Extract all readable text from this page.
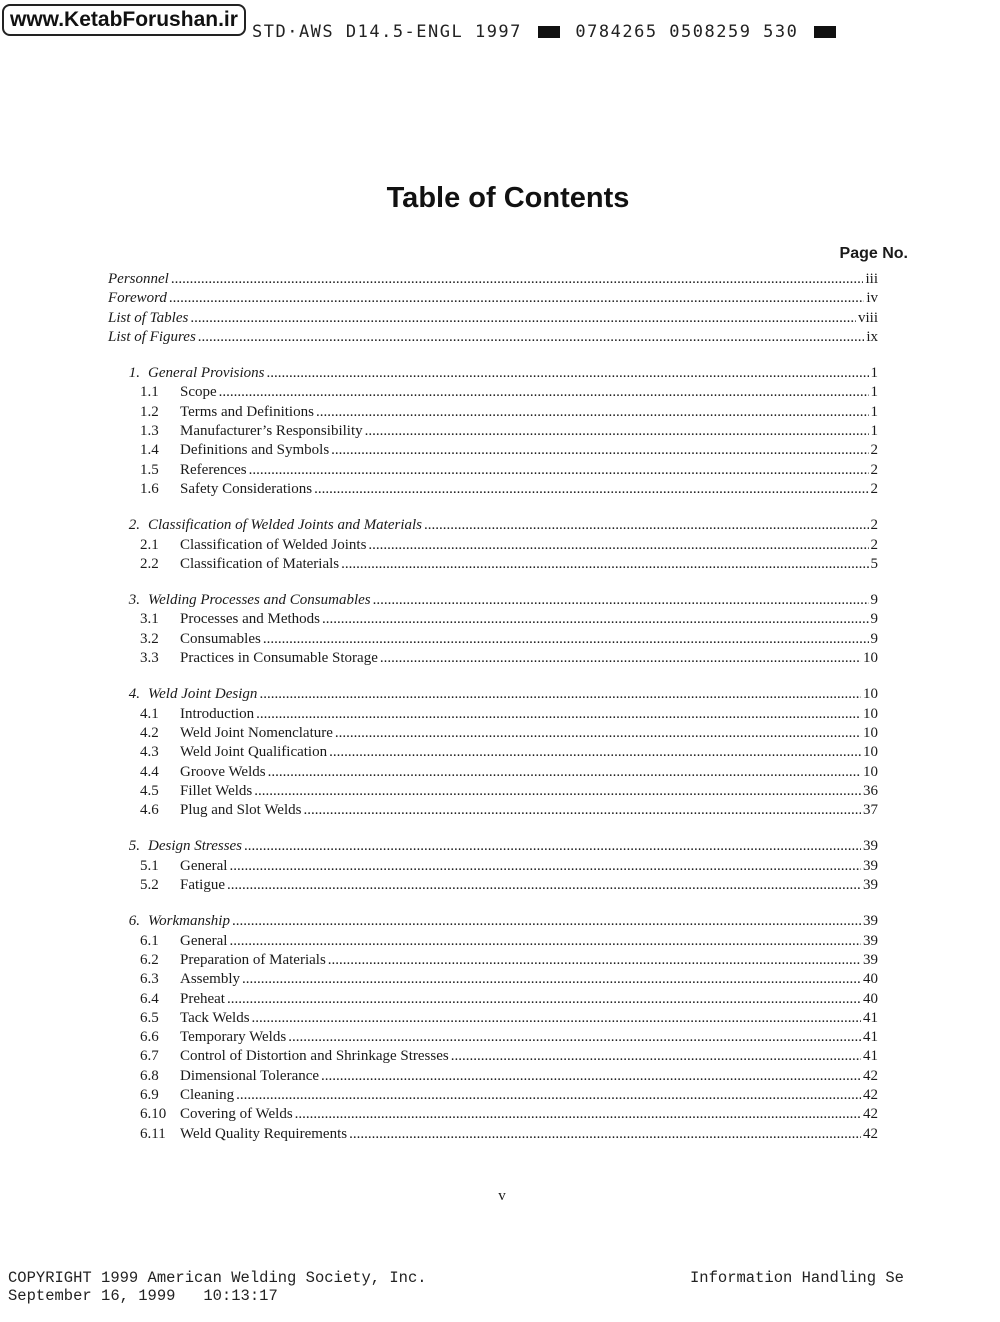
www.KetabForushan.ir
STD·AWS D14.5-ENGL 1997	0784265 0508259 530
Table of Contents
Page No.
Personnel .....	iii
Foreword .....	iv
List of Tables .....	viii
List of Figures .....	ix
1. General Provisions .....	1
1.1	Scope .....	1
1.2	Terms and Definitions .....	1
1.3	Manufacturer’s Responsibility .....	1
1.4	Definitions and Symbols .....	2
1.5	References .....	2
1.6	Safety Considerations .....	2
2. Classification of Welded Joints and Materials .....	2
2.1	Classification of Welded Joints .....	2
2.2	Classification of Materials .....	5
3. Welding Processes and Consumables .....	9
3.1	Processes and Methods .....	9
3.2	Consumables .....	9
3.3	Practices in Consumable Storage .....	10
4. Weld Joint Design .....	10
4.1	Introduction .....	10
4.2	Weld Joint Nomenclature .....	10
4.3	Weld Joint Qualification .....	10
4.4	Groove Welds .....	10
4.5	Fillet Welds .....	36
4.6	Plug and Slot Welds .....	37
5. Design Stresses .....	39
5.1	General .....	39
5.2	Fatigue .....	39
6. Workmanship .....	39
6.1	General .....	39
6.2	Preparation of Materials .....	39
6.3	Assembly .....	40
6.4	Preheat .....	40
6.5	Tack Welds .....	41
6.6	Temporary Welds .....	41
6.7	Control of Distortion and Shrinkage Stresses .....	41
6.8	Dimensional Tolerance .....	42
6.9	Cleaning .....	42
6.10 Covering of Welds .....	42
6.11 Weld Quality Requirements .....	42
v
COPYRIGHT 1999 American Welding Society, Inc.
September 16, 1999   10:13:17
Information Handling Se
